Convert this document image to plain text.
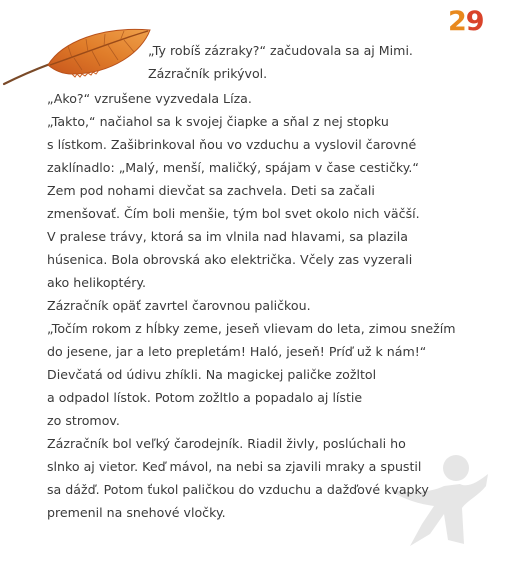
29
„Ty robíš zázraky?“ začudovala sa aj Mimi.
Zázračník prikývol.
„Ako?“ vzrušene vyzvedala Líza.
„Takto,“ načiahol sa k svojej čiapke a sňal z nej stopku
s lístkom. Zašibrinkoval ňou vo vzduchu a vyslovil čarovné
zaklínadlo: „Malý, menší, maličký, spájam v čase cestičky.“
Zem pod nohami dievčat sa zachvela. Deti sa začali
zmenšovať. Čím boli menšie, tým bol svet okolo nich väčší.
V pralese trávy, ktorá sa im vlnila nad hlavami, sa plazila
húsenica. Bola obrovská ako električka. Včely zas vyzerali
ako helikoptéry.
Zázračník opäť zavrtel čarovnou paličkou.
„Točím rokom z hĺbky zeme, jeseň vlievam do leta, zimou snežím
do jesene, jar a leto prepletám! Haló, jeseň! Príď už k nám!“
Dievčatá od údivu zhíkli. Na magickej paličke zožltol
a odpadol lístok. Potom zožltlo a popadalo aj lístie
zo stromov.
Zázračník bol veľký čarodejník. Riadil živly, poslúchali ho
slnko aj vietor. Keď mávol, na nebi sa zjavili mraky a spustil
sa dážď. Potom ťukol paličkou do vzduchu a dažďové kvapky
premenil na snehové vločky.
